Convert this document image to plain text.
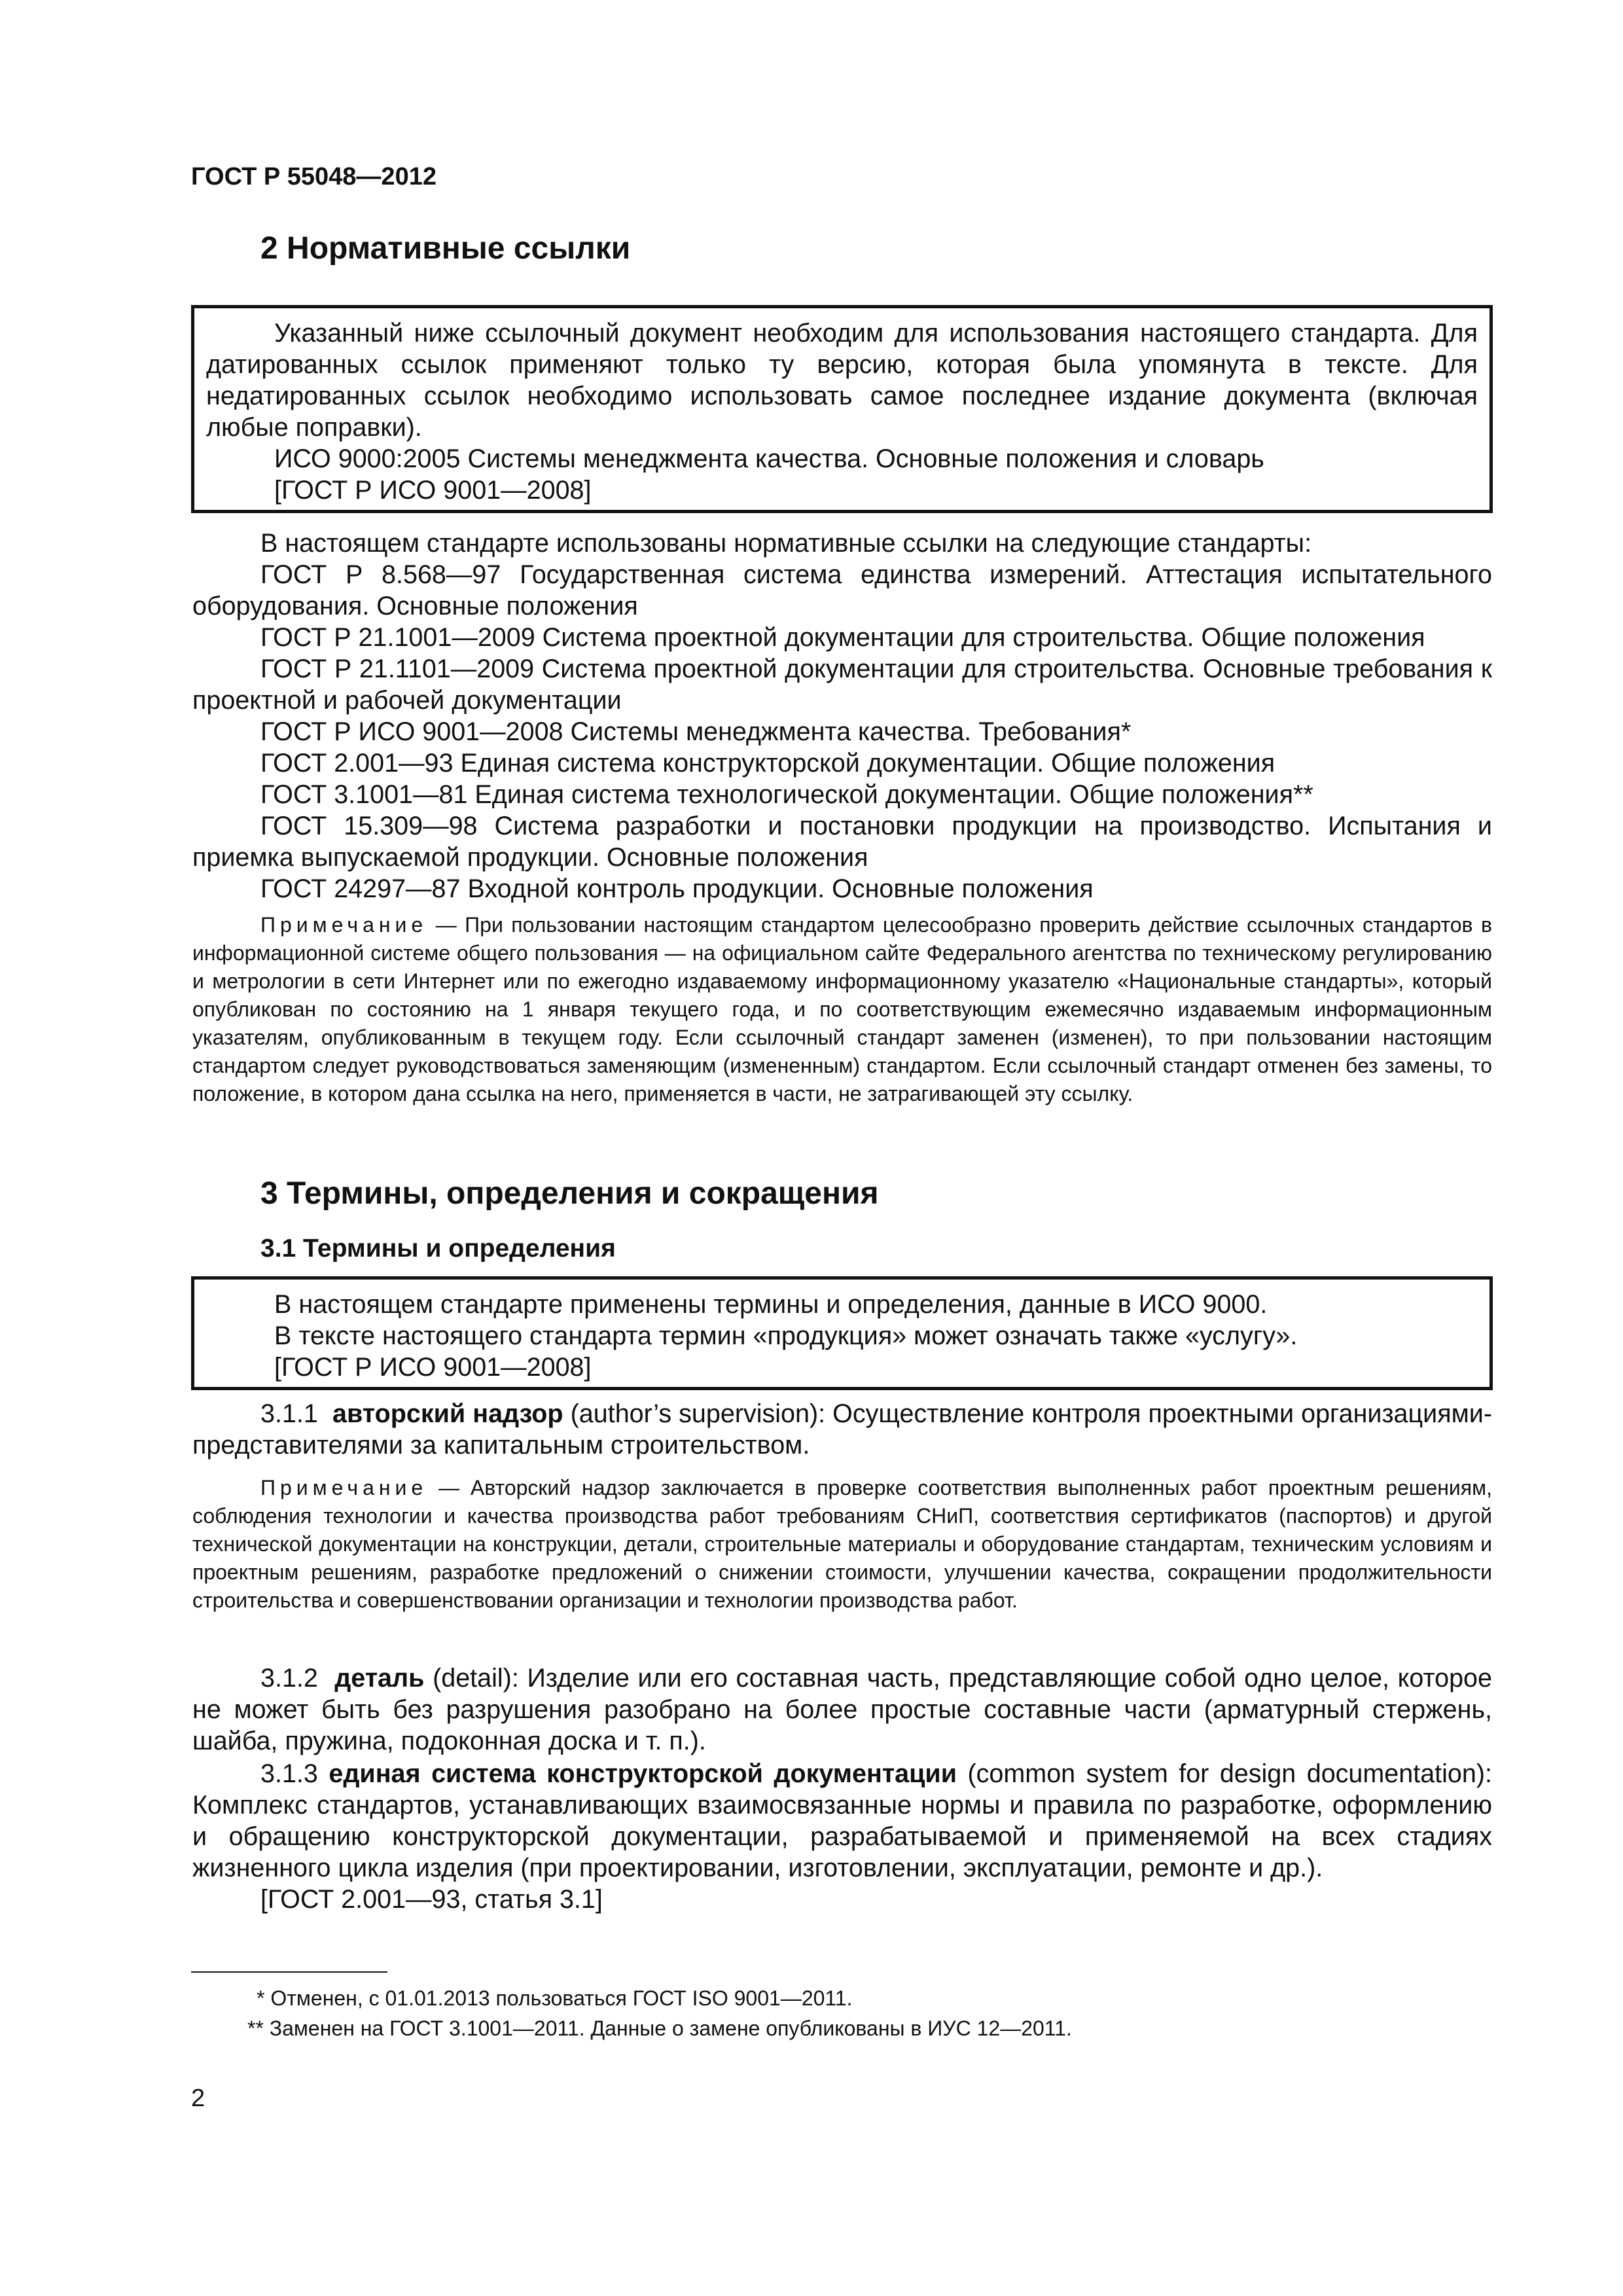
ГОСТ Р 55048—2012
2 Нормативные ссылки

Указанный ниже ссылочный документ необходим для использования настоящего стандарта. Для датированных ссылок применяют только ту версию, которая была упомянута в тексте. Для недатированных ссылок необходимо использовать самое последнее издание документа (включая любые поправки).

ИСО 9000:2005 Системы менеджмента качества. Основные положения и словарь

[ГОСТ Р ИСО 9001—2008]

В настоящем стандарте использованы нормативные ссылки на следующие стандарты:

ГОСТ Р 8.568—97 Государственная система единства измерений. Аттестация испытательного оборудования. Основные положения

ГОСТ Р 21.1001—2009 Система проектной документации для строительства. Общие положения

ГОСТ Р 21.1101—2009 Система проектной документации для строительства. Основные требования к проектной и рабочей документации

ГОСТ Р ИСО 9001—2008 Системы менеджмента качества. Требования*

ГОСТ 2.001—93 Единая система конструкторской документации. Общие положения

ГОСТ 3.1001—81 Единая система технологической документации. Общие положения**

ГОСТ 15.309—98 Система разработки и постановки продукции на производство. Испытания и приемка выпускаемой продукции. Основные положения

ГОСТ 24297—87 Входной контроль продукции. Основные положения

Примечание — При пользовании настоящим стандартом целесообразно проверить действие ссылочных стандартов в информационной системе общего пользования — на официальном сайте Федерального агентства по техническому регулированию и метрологии в сети Интернет или по ежегодно издаваемому информационному указателю «Национальные стандарты», который опубликован по состоянию на 1 января текущего года, и по соответствующим ежемесячно издаваемым информационным указателям, опубликованным в текущем году. Если ссылочный стандарт заменен (изменен), то при пользовании настоящим стандартом следует руководствоваться заменяющим (измененным) стандартом. Если ссылочный стандарт отменен без замены, то положение, в котором дана ссылка на него, применяется в части, не затрагивающей эту ссылку.

3 Термины, определения и сокращения
3.1 Термины и определения

В настоящем стандарте применены термины и определения, данные в ИСО 9000.

В тексте настоящего стандарта термин «продукция» может означать также «услугу».

[ГОСТ Р ИСО 9001—2008]

3.1.1 авторский надзор (author’s supervision): Осуществление контроля проектными организациями-представителями за капитальным строительством.

Примечание — Авторский надзор заключается в проверке соответствия выполненных работ проектным решениям, соблюдения технологии и качества производства работ требованиям СНиП, соответствия сертификатов (паспортов) и другой технической документации на конструкции, детали, строительные материалы и оборудование стандартам, техническим условиям и проектным решениям, разработке предложений о снижении стоимости, улучшении качества, сокращении продолжительности строительства и совершенствовании организации и технологии производства работ.

3.1.2 деталь (detail): Изделие или его составная часть, представляющие собой одно целое, которое не может быть без разрушения разобрано на более простые составные части (арматурный стержень, шайба, пружина, подоконная доска и т. п.).

3.1.3 единая система конструкторской документации (common system for design documentation): Комплекс стандартов, устанавливающих взаимосвязанные нормы и правила по разработке, оформлению и обращению конструкторской документации, разрабатываемой и применяемой на всех стадиях жизненного цикла изделия (при проектировании, изготовлении, эксплуатации, ремонте и др.).

[ГОСТ 2.001—93, статья 3.1]

* Отменен, с 01.01.2013 пользоваться ГОСТ ISO 9001—2011.
** Заменен на ГОСТ 3.1001—2011. Данные о замене опубликованы в ИУС 12—2011.
2
